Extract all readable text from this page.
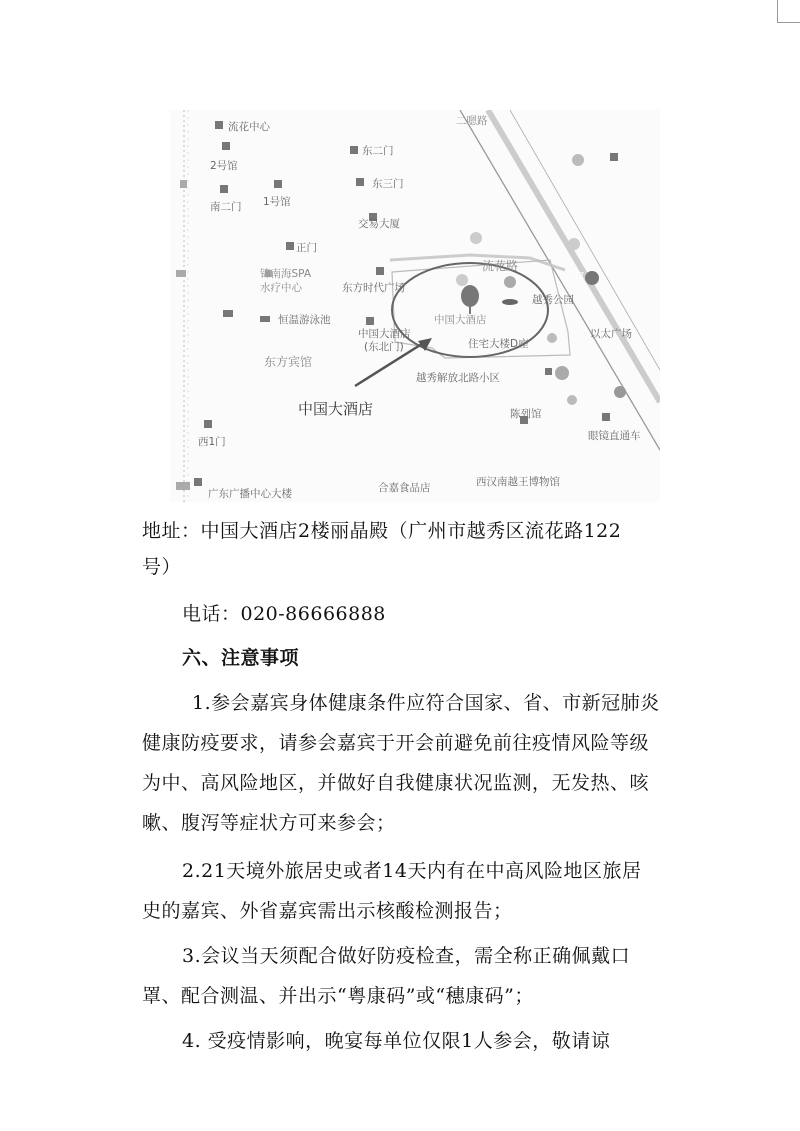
流花中心	二嗯路
2号馆
东二门
东三门
1号馆
南二门
交易大厦
正门
锦南海SPA
水疗中心	东方时代广场
流花路
17
越秀公园
恒温游泳池	中国大酒店
以太广场
中国大酒店
(东北门)	住宅大楼D座
东方宾馆
越秀解放北路小区
中国大酒店	陈列馆
西1门	眼镜直通车
西汉南越王博物馆
合嘉食品店
广东广播中心大楼
地址：中国大酒店2楼丽晶殿（广州市越秀区流花路122
号）
电话：020-86666888
六、注意事项
1.参会嘉宾身体健康条件应符合国家、省、市新冠肺炎
健康防疫要求，请参会嘉宾于开会前避免前往疫情风险等级
为中、高风险地区，并做好自我健康状况监测，无发热、咳
嗽、腹泻等症状方可来参会；
2.21天境外旅居史或者14天内有在中高风险地区旅居
史的嘉宾、外省嘉宾需出示核酸检测报告；
3.会议当天须配合做好防疫检查，需全称正确佩戴口
罩、配合测温、并出示“粤康码”或“穗康码”；
4. 受疫情影响，晚宴每单位仅限1人参会，敬请谅
